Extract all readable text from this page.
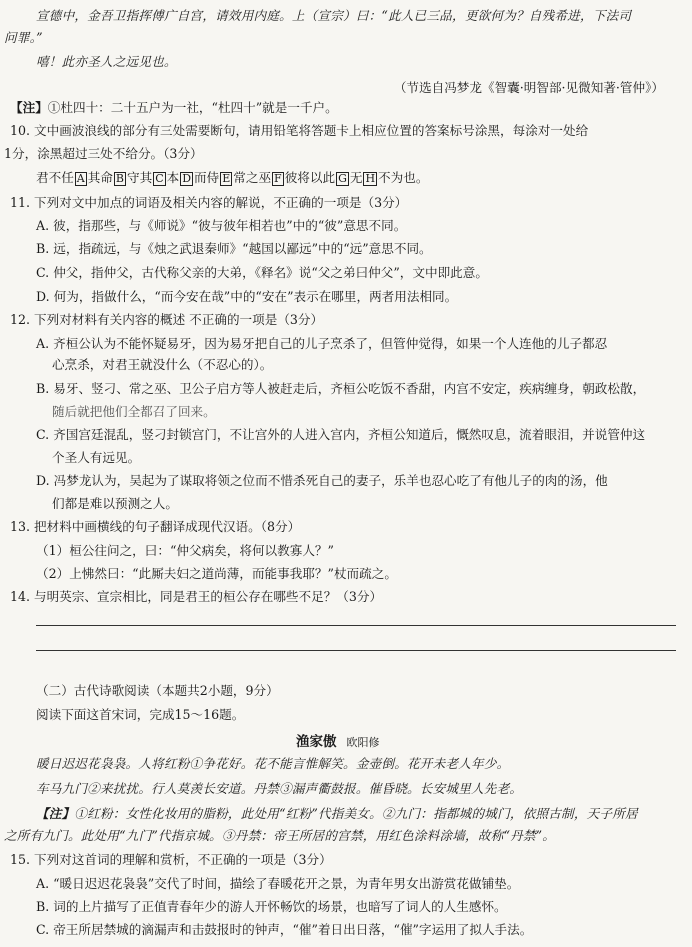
宣德中，金吾卫指挥傅广自宫，请效用内庭。上（宣宗）曰：“此人已三品，更欲何为？自残希进，下法司
问罪。”
嘻！此亦圣人之远见也。
（节选自冯梦龙《智囊·明智部·见微知著·管仲》）
【注】①杜四十：二十五户为一社，“杜四十”就是一千户。
10. 文中画波浪线的部分有三处需要断句，请用铅笔将答题卡上相应位置的答案标号涂黑，每涂对一处给
1分，涂黑超过三处不给分。（3分）
君不任 A 其命 B 守其 C 本 D 而侍 E 常之巫 F 彼将以此 G 无 H 不为也。
11. 下列对文中加点的词语及相关内容的解说，不正确的一项是（3分）
A. 彼，指那些，与《师说》“彼与彼年相若也”中的“彼”意思不同。
B. 远，指疏远，与《烛之武退秦师》“越国以鄙远”中的“远”意思不同。
C. 仲父，指仲父，古代称父亲的大弟，《释名》说“父之弟曰仲父”，文中即此意。
D. 何为，指做什么，“而今安在哉”中的“安在”表示在哪里，两者用法相同。
12. 下列对材料有关内容的概述 不正确的一项是（3分）
A. 齐桓公认为不能怀疑易牙，因为易牙把自己的儿子烹杀了，但管仲觉得，如果一个人连他的儿子都忍
心烹杀，对君王就没什么（不忍心的）。
B. 易牙、竖刁、常之巫、卫公子启方等人被赶走后，齐桓公吃饭不香甜，内宫不安定，疾病缠身，朝政松散，
随后就把他们全都召了回来。
C. 齐国宫廷混乱，竖刁封锁宫门，不让宫外的人进入宫内，齐桓公知道后，慨然叹息，流着眼泪，并说管仲这
个圣人有远见。
D. 冯梦龙认为，吴起为了谋取将领之位而不惜杀死自己的妻子，乐羊也忍心吃了有他儿子的肉的汤，他
们都是难以预测之人。
13. 把材料中画横线的句子翻译成现代汉语。（8分）
（1）桓公往问之，曰：“仲父病矣，将何以教寡人？”
（2）上怫然曰：“此厮夫妇之道尚薄，而能事我耶？”杖而疏之。
14. 与明英宗、宣宗相比，同是君王的桓公存在哪些不足？（3分）
（二）古代诗歌阅读（本题共2小题，9分）
阅读下面这首宋词，完成15～16题。
渔家傲 欧阳修
暖日迟迟花袅袅。人将红粉①争花好。花不能言惟解笑。金壶倒。花开未老人年少。
车马九门②来扰扰。行人莫羡长安道。丹禁③漏声衢鼓报。催昏晓。长安城里人先老。
【注】①红粉：女性化妆用的脂粉，此处用“红粉”代指美女。②九门：指都城的城门，依照古制，天子所居
之所有九门。此处用“九门”代指京城。③丹禁：帝王所居的宫禁，用红色涂料涂墙，故称“丹禁”。
15. 下列对这首词的理解和赏析，不正确的一项是（3分）
A. “暖日迟迟花袅袅”交代了时间，描绘了春暖花开之景，为青年男女出游赏花做铺垫。
B. 词的上片描写了正值青春年少的游人开怀畅饮的场景，也暗写了词人的人生感怀。
C. 帝王所居禁城的滴漏声和击鼓报时的钟声，“催”着日出日落，“催”字运用了拟人手法。
